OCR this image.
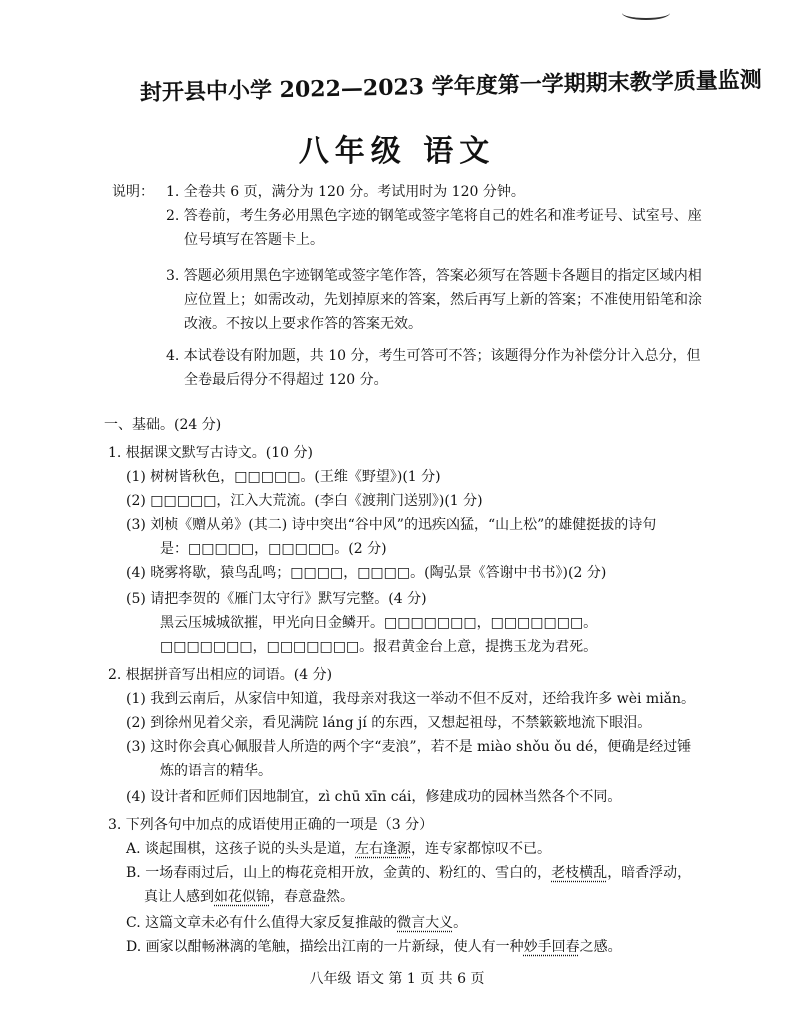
封开县中小学 2022—2023 学年度第一学期期末教学质量监测
八年级 语文
说明： 1. 全卷共 6 页，满分为 120 分。考试用时为 120 分钟。
2. 答卷前，考生务必用黑色字迹的钢笔或签字笔将自己的姓名和准考证号、试室号、座
位号填写在答题卡上。
3. 答题必须用黑色字迹钢笔或签字笔作答，答案必须写在答题卡各题目的指定区域内相
应位置上；如需改动，先划掉原来的答案，然后再写上新的答案；不准使用铅笔和涂
改液。不按以上要求作答的答案无效。
4. 本试卷设有附加题，共 10 分，考生可答可不答；该题得分作为补偿分计入总分，但
全卷最后得分不得超过 120 分。
一、基础。(24 分)
1. 根据课文默写古诗文。(10 分)
(1) 树树皆秋色，□□□□□。(王维《野望》)(1 分)
(2) □□□□□，江入大荒流。(李白《渡荆门送别》)(1 分)
(3) 刘桢《赠从弟》(其二) 诗中突出“谷中风”的迅疾凶猛，“山上松”的雄健挺拔的诗句
是：□□□□□，□□□□□。(2 分)
(4) 晓雾将歇，猿鸟乱鸣；□□□□，□□□□。(陶弘景《答谢中书书》)(2 分)
(5) 请把李贺的《雁门太守行》默写完整。(4 分)
黑云压城城欲摧，甲光向日金鳞开。□□□□□□□，□□□□□□□。
□□□□□□□，□□□□□□□。报君黄金台上意，提携玉龙为君死。
2. 根据拼音写出相应的词语。(4 分)
(1) 我到云南后，从家信中知道，我母亲对我这一举动不但不反对，还给我许多 wèi miǎn。
(2) 到徐州见着父亲，看见满院 láng jí 的东西，又想起祖母，不禁簌簌地流下眼泪。
(3) 这时你会真心佩服昔人所造的两个字“麦浪”，若不是 miào shǒu ǒu dé，便确是经过锤
炼的语言的精华。
(4) 设计者和匠师们因地制宜，zì chū xīn cái，修建成功的园林当然各个不同。
3. 下列各句中加点的成语使用正确的一项是（3 分）
A. 谈起围棋，这孩子说的头头是道，左右逢源，连专家都惊叹不已。
B. 一场春雨过后，山上的梅花竞相开放，金黄的、粉红的、雪白的，老枝横乱，暗香浮动，
真让人感到如花似锦，春意盎然。
C. 这篇文章未必有什么值得大家反复推敲的微言大义。
D. 画家以酣畅淋漓的笔触，描绘出江南的一片新绿，使人有一种妙手回春之感。
八年级 语文 第 1 页 共 6 页
